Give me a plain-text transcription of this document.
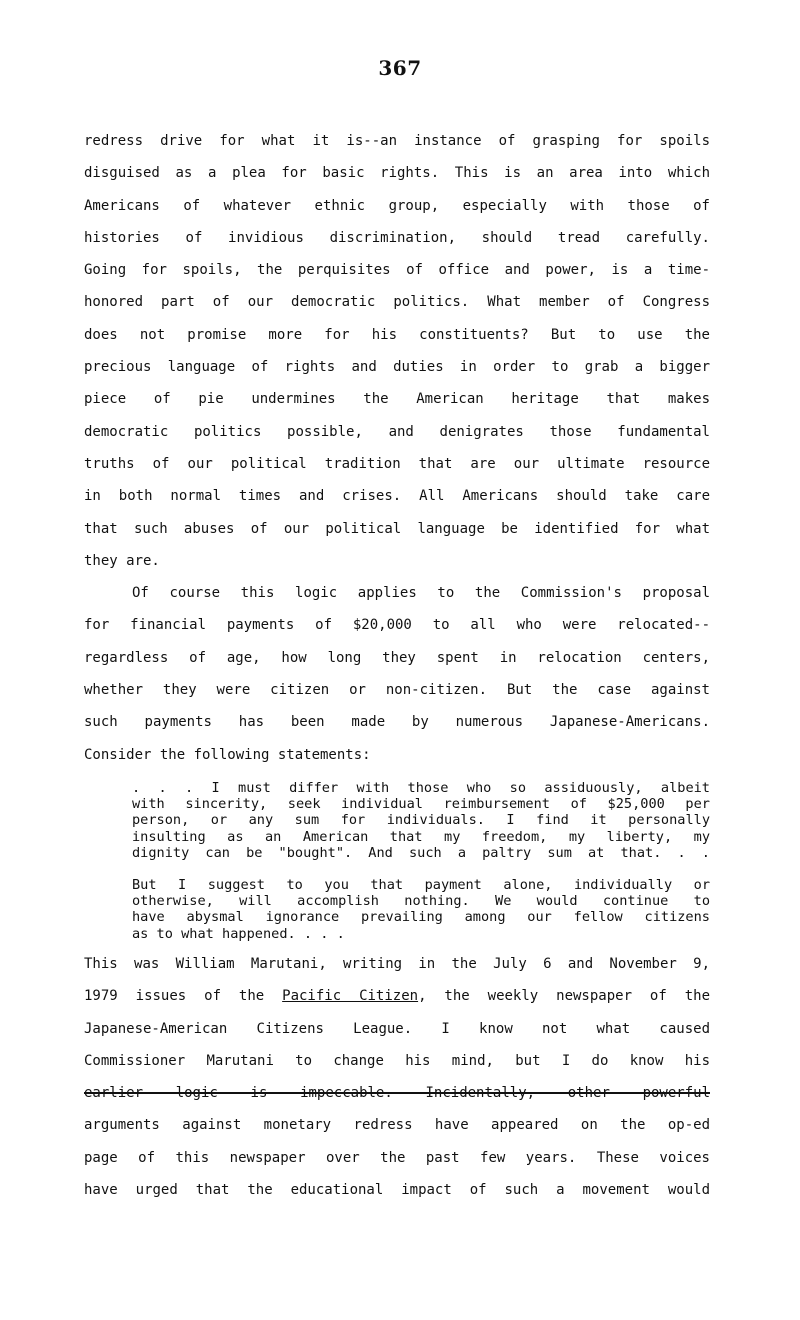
367
redress drive for what it is--an instance of grasping for spoils
disguised as a plea for basic rights. This is an area into which
Americans of whatever ethnic group, especially with those of
histories of invidious discrimination, should tread carefully.
Going for spoils, the perquisites of office and power, is a time-
honored part of our democratic politics. What member of Congress
does not promise more for his constituents? But to use the
precious language of rights and duties in order to grab a bigger
piece of pie undermines the American heritage that makes
democratic politics possible, and denigrates those fundamental
truths of our political tradition that are our ultimate resource
in both normal times and crises. All Americans should take care
that such abuses of our political language be identified for what
they are.
Of course this logic applies to the Commission's proposal
for financial payments of $20,000 to all who were relocated--
regardless of age, how long they spent in relocation centers,
whether they were citizen or non-citizen. But the case against
such payments has been made by numerous Japanese-Americans.
Consider the following statements:
. . . I must differ with those who so assiduously, albeit
with sincerity, seek individual reimbursement of $25,000 per
person, or any sum for individuals. I find it personally
insulting as an American that my freedom, my liberty, my
dignity can be "bought". And such a paltry sum at that. . .
But I suggest to you that payment alone, individually or
otherwise, will accomplish nothing. We would continue to
have abysmal ignorance prevailing among our fellow citizens
as to what happened. . . .
This was William Marutani, writing in the July 6 and November 9,
1979 issues of the Pacific Citizen, the weekly newspaper of the
Japanese-American Citizens League. I know not what caused
Commissioner Marutani to change his mind, but I do know his
earlier logic is impeccable. Incidentally, other powerful
arguments against monetary redress have appeared on the op-ed
page of this newspaper over the past few years. These voices
have urged that the educational impact of such a movement would
